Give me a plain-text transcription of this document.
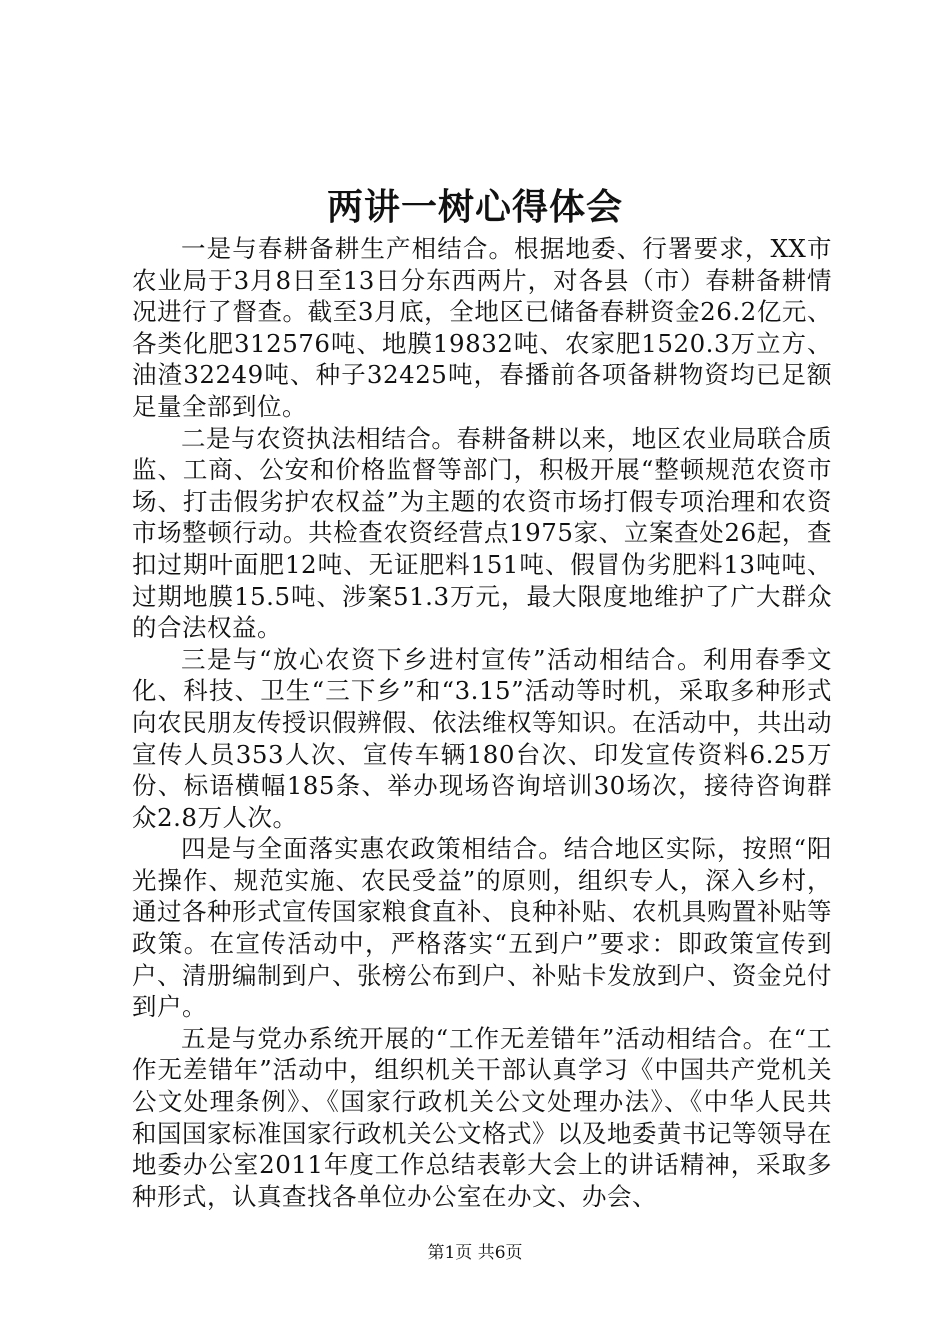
两讲一树心得体会

一是与春耕备耕生产相结合。根据地委、行署要求，XX市农业局于3月8日至13日分东西两片，对各县（市）春耕备耕情况进行了督查。截至3月底，全地区已储备春耕资金26.2亿元、各类化肥312576吨、地膜19832吨、农家肥1520.3万立方、油渣32249吨、种子32425吨，春播前各项备耕物资均已足额足量全部到位。

二是与农资执法相结合。春耕备耕以来，地区农业局联合质监、工商、公安和价格监督等部门，积极开展“整顿规范农资市场、打击假劣护农权益”为主题的农资市场打假专项治理和农资市场整顿行动。共检查农资经营点1975家、立案查处26起，查扣过期叶面肥12吨、无证肥料151吨、假冒伪劣肥料13吨吨、过期地膜15.5吨、涉案51.3万元，最大限度地维护了广大群众的合法权益。

三是与“放心农资下乡进村宣传”活动相结合。利用春季文化、科技、卫生“三下乡”和“3.15”活动等时机，采取多种形式向农民朋友传授识假辨假、依法维权等知识。在活动中，共出动宣传人员353人次、宣传车辆180台次、印发宣传资料6.25万份、标语横幅185条、举办现场咨询培训30场次，接待咨询群众2.8万人次。

四是与全面落实惠农政策相结合。结合地区实际，按照“阳光操作、规范实施、农民受益”的原则，组织专人，深入乡村，通过各种形式宣传国家粮食直补、良种补贴、农机具购置补贴等政策。在宣传活动中，严格落实“五到户”要求：即政策宣传到户、清册编制到户、张榜公布到户、补贴卡发放到户、资金兑付到户。

五是与党办系统开展的“工作无差错年”活动相结合。在“工作无差错年”活动中，组织机关干部认真学习《中国共产党机关公文处理条例》、《国家行政机关公文处理办法》、《中华人民共和国国家标准国家行政机关公文格式》以及地委黄书记等领导在地委办公室2011年度工作总结表彰大会上的讲话精神，采取多种形式，认真查找各单位办公室在办文、办会、

第1页 共6页
